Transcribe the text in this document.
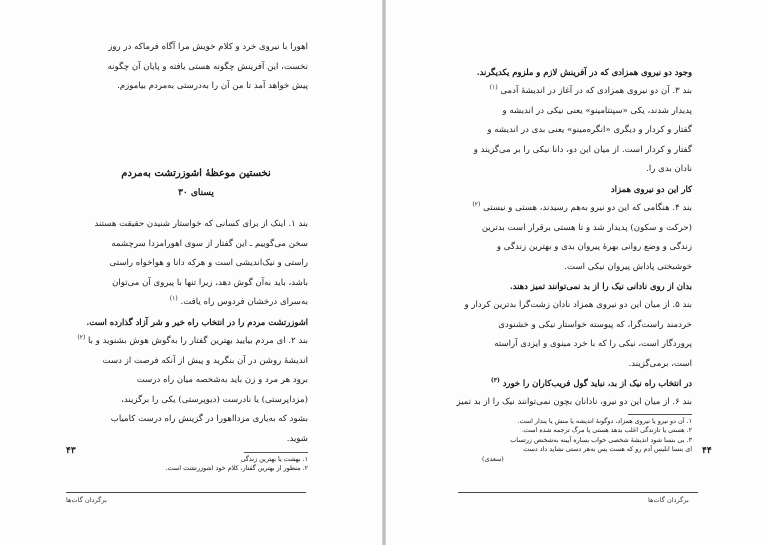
اهورا با نیروی خرد و کلام خویش مرا آگاه فرماکه در روز
نخست، این آفرینش چگونه هستی یافته و پایان آن چگونه
پیش خواهد آمد تا من آن را به‌درستی به‌مردم بیاموزم.
نخستین موعظۀ اشوزرتشت به‌مردم
یسنای ۳۰
بند ۱. اینک از برای کسانی که خواستار شنیدن حقیقت هستند
سخن می‌گوییم ـ این گفتار از سوی اهورامزدا سرچشمه
راستی و نیک‌اندیشی است و هرکه دانا و هواخواه راستی
باشد، باید به‌آن گوش دهد، زیرا تنها با پیروی آن می‌توان
به‌سرای درخشان فردوس راه یافت. $^{(۱)}$
اشوزرتشت مردم را در انتخاب راه خیر و شر آزاد گذارده است.
بند ۲. ای مردم بیایید بهترین گفتار را به‌گوش هوش بشنوید و با $^{(۲)}$
اندیشۀ روشن در آن بنگرید و پیش از آنکه فرصت از دست
برود هر مرد و زن باید به‌شخصه میان راه درست
(مزداپرستی) یا نادرست (دیوپرستی) یکی را برگزیند،
بشود که به‌یاری مزدااهورا در گزینش راه درست کامیاب
شوید.
۱. بهشت یا بهترین زندگی
۲. منظور از بهترین گفتار، کلام خود اشوزرتشت است.
۴۳
برگردان گات‌ها
وجود دو نیروی همزادی که در آفرینش لازم و ملزوم یکدیگرند.
بند ۳. آن دو نیروی همزادی که در آغاز در اندیشۀ آدمی $^{(۱)}$
پدیدار شدند، یکی «سپنتامینو» یعنی نیکی در اندیشه و
گفتار و کردار و دیگری «انگره‌مینو» یعنی بدی در اندیشه و
گفتار و کردار است. از میان این دو، دانا نیکی را بر می‌گزیند و
نادان بدی را.
کار این دو نیروی همزاد
بند ۴. هنگامی که این دو نیرو به‌هم رسیدند، هستی و نیستی $^{(۲)}$
(حرکت و سکون) پدیدار شد و تا هستی برقرار است بدترین
زندگی و وضع روانی بهرۀ پیروان بدی و بهترین زندگی و
خوشبختی پاداش پیروان نیکی است.
بدان از روی نادانی نیک را از بد نمی‌توانند تمیز دهند.
بند ۵. از میان این دو نیروی همزاد نادان زشت‌گرا بدترین کردار و
خردمند راست‌گرا، که پیوسته خواستار نیکی و خشنودی
پروردگار است، نیکی را که با خرد مینوی و ایزدی آراسته
است، برمی‌گزیند.
در انتخاب راه نیک از بد، نباید گول فریب‌کاران را خورد $^{(۳)}$
بند ۶. از میان این دو نیرو، نادانان بچون نمی‌توانند نیک را از بد تمیز
۱. آن دو نیرو یا نیروی همزاد، دوگونۀ اندیشه یا منش یا پندار است.
۲. هستی یا تازندگی اغلب بدهد هستی یا مرگ ترجمه شده است.
۳. بی بنسا شود اندیشۀ شخصی خواب بساره آیینه به‌شخنص زرتساب
ای بنسا ابلیس آدم رو که هست پس به‌هر دستی نشاید داد دست
(سعدی)
۴۴
برگردان گات‌ها
